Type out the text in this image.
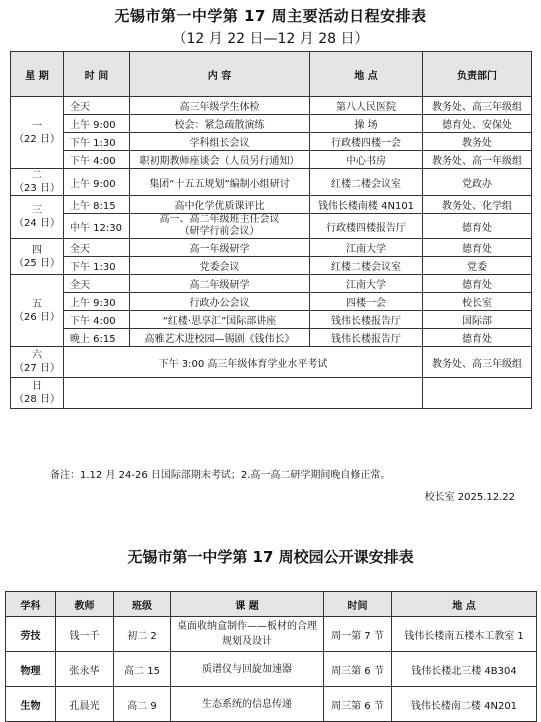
无锡市第一中学第 17 周主要活动日程安排表
（12 月 22 日—12 月 28 日）
星 期	时 间	内 容	地 点	负责部门
一
（22 日）	全天	高三年级学生体检	第八人民医院	教务处、高三年级组
	上午 9:00	校会：紧急疏散演练	操 场	德育处、安保处
	下午 1:30	学科组长会议	行政楼四楼一会	教务处
	下午 4:00	职初期教师座谈会（人员另行通知）	中心书房	教务处、高一年级组
二
（23 日）	上午 9:00	集团“十五五规划”编制小组研讨	红楼二楼会议室	党政办
三
（24 日）	上午 8:15	高中化学优质课评比	钱伟长楼南楼 4N101	教务处、化学组
	中午 12:30	高一、高二年级班主任会议
（研学行前会议）	行政楼四楼报告厅	德育处
四
（25 日）	全天	高一年级研学	江南大学	德育处
	下午 1:30	党委会议	红楼二楼会议室	党委
五
（26 日）	全天	高二年级研学	江南大学	德育处
	上午 9:30	行政办公会议	四楼一会	校长室
	下午 4:00	“红楼·思享汇”国际部讲座	钱伟长楼报告厅	国际部
	晚上 6:15	高雅艺术进校园—锡剧《钱伟长》	钱伟长楼报告厅	德育处
六
（27 日）	下午 3:00 高三年级体育学业水平考试			教务处、高三年级组
日
（28 日）				
备注：1.12 月 24-26 日国际部期末考试；2.高一高二研学期间晚自修正常。
校长室 2025.12.22
无锡市第一中学第 17 周校园公开课安排表
学科	教师	班级	课 题	时间	地 点
劳技	钱一千	初二 2	桌面收纳盒制作——板材的合理规划及设计	周一第 7 节	钱伟长楼南五楼木工教室 1
物理	张永华	高二 15	质谱仪与回旋加速器	周三第 6 节	钱伟长楼北三楼 4B304
生物	孔晨光	高二 9	生态系统的信息传递	周三第 6 节	钱伟长楼南二楼 4N201
